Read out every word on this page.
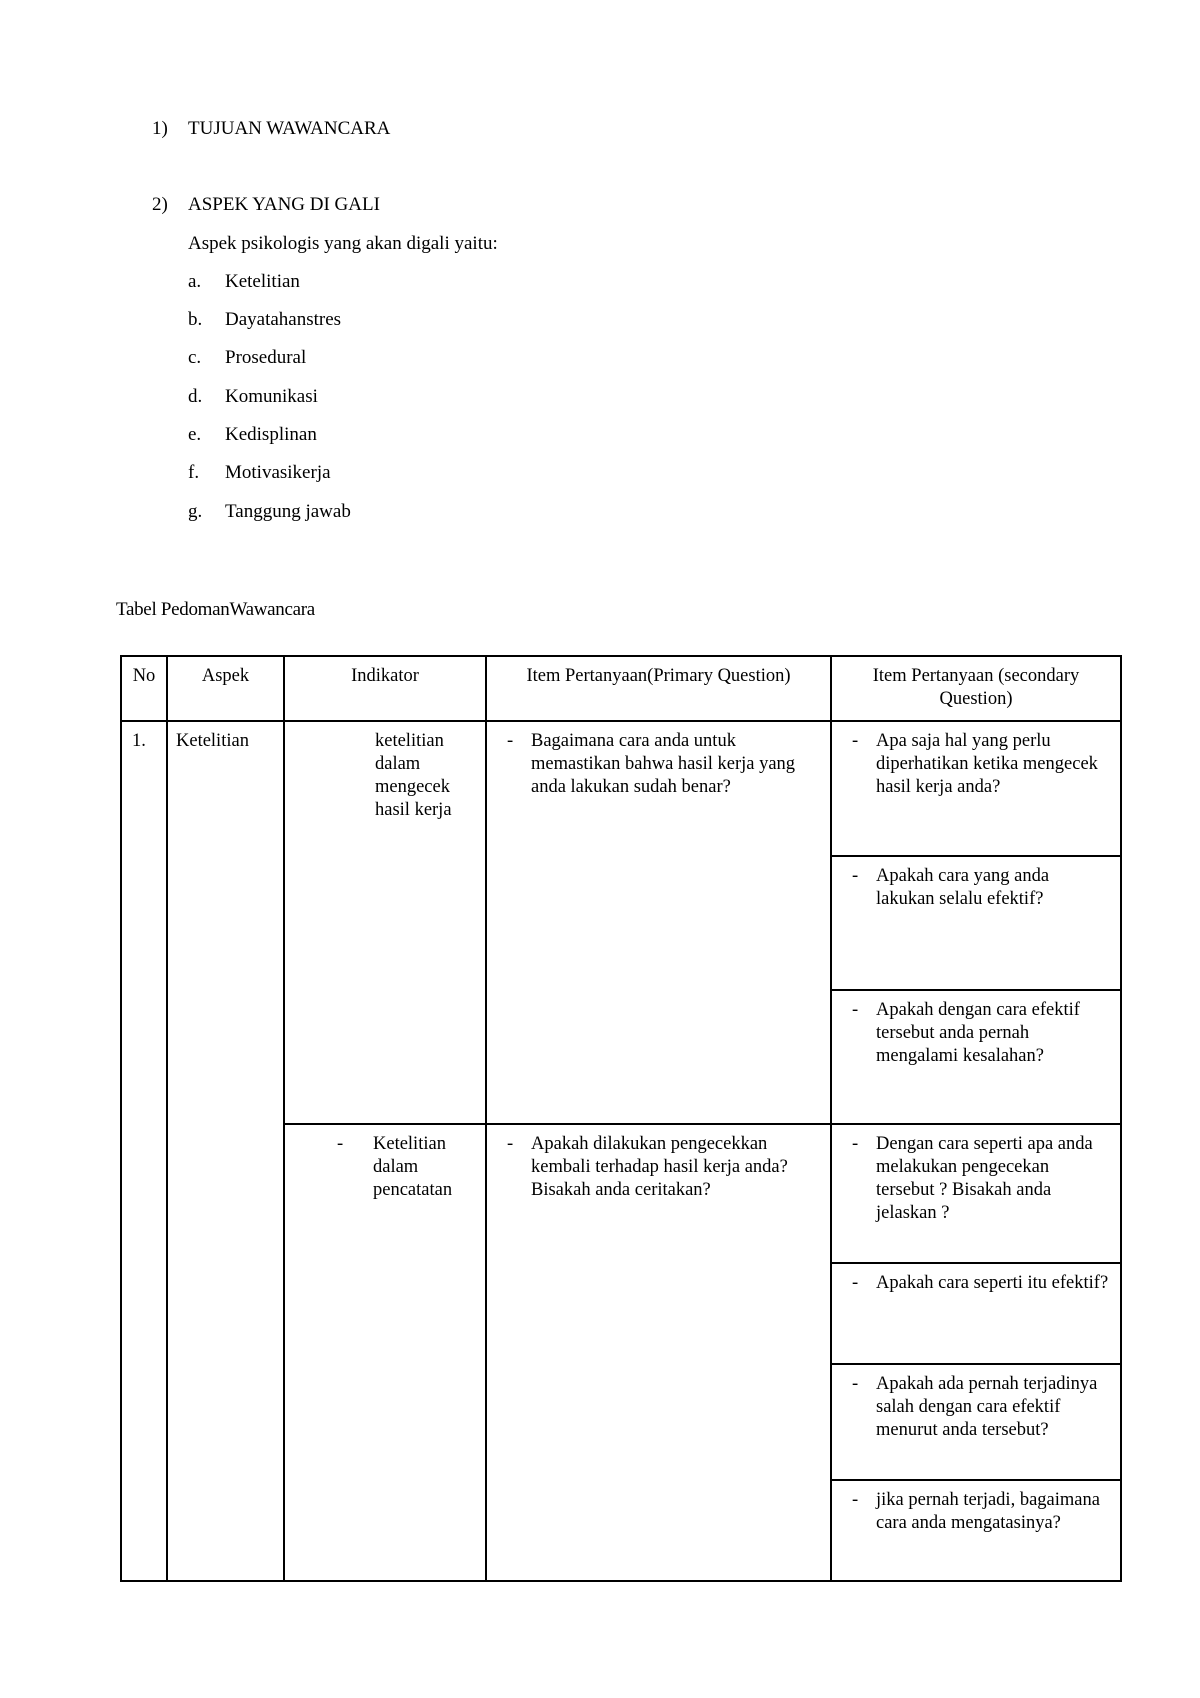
1)	TUJUAN WAWANCARA
2)	ASPEK YANG DI GALI
Aspek psikologis yang akan digali yaitu:
a. Ketelitian
b. Dayatahanstres
c. Prosedural
d. Komunikasi
e. Kedisplinan
f. Motivasikerja
g. Tanggung jawab
Tabel PedomanWawancara
No	Aspek	Indikator	Item Pertanyaan(Primary Question)	Item Pertanyaan (secondary Question)
1.	Ketelitian	ketelitian dalam mengecek hasil kerja	- Bagaimana cara anda untuk memastikan bahwa hasil kerja yang anda lakukan sudah benar?	- Apa saja hal yang perlu diperhatikan ketika mengecek hasil kerja anda?

				- Apakah cara yang anda lakukan selalu efektif?

				- Apakah dengan cara efektif tersebut anda pernah mengalami kesalahan?

		- Ketelitian dalam pencatatan	- Apakah dilakukan pengecekkan kembali terhadap hasil kerja anda? Bisakah anda ceritakan?	- Dengan cara seperti apa anda melakukan pengecekan tersebut ? Bisakah anda jelaskan ?

				- Apakah cara seperti itu efektif?

				- Apakah ada pernah terjadinya salah dengan cara efektif menurut anda tersebut?

				- jika pernah terjadi, bagaimana cara anda mengatasinya?
